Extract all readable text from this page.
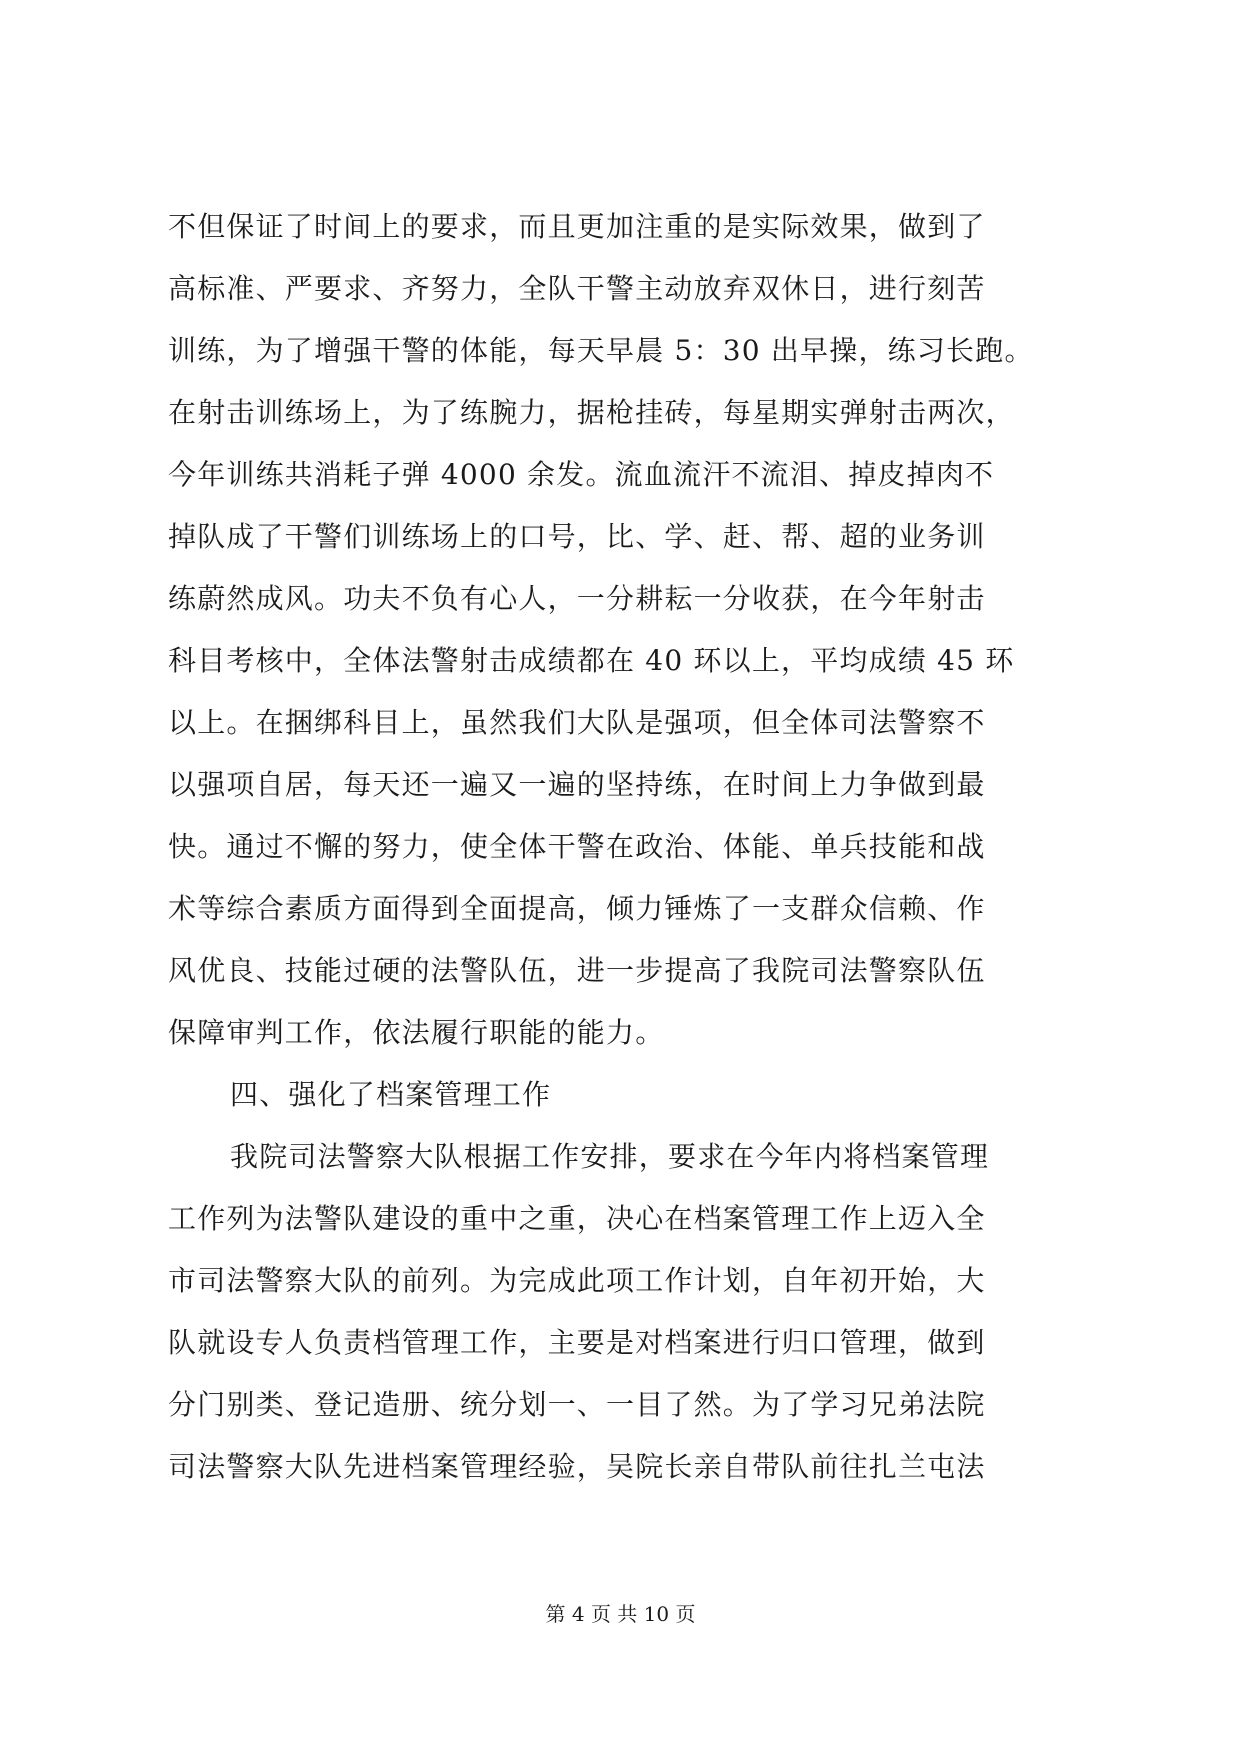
不但保证了时间上的要求，而且更加注重的是实际效果，做到了
高标准、严要求、齐努力，全队干警主动放弃双休日，进行刻苦
训练，为了增强干警的体能，每天早晨 5：30 出早操，练习长跑。
在射击训练场上，为了练腕力，据枪挂砖，每星期实弹射击两次，
今年训练共消耗子弹 4000 余发。流血流汗不流泪、掉皮掉肉不
掉队成了干警们训练场上的口号，比、学、赶、帮、超的业务训
练蔚然成风。功夫不负有心人，一分耕耘一分收获，在今年射击
科目考核中，全体法警射击成绩都在 40 环以上，平均成绩 45 环
以上。在捆绑科目上，虽然我们大队是强项，但全体司法警察不
以强项自居，每天还一遍又一遍的坚持练，在时间上力争做到最
快。通过不懈的努力，使全体干警在政治、体能、单兵技能和战
术等综合素质方面得到全面提高，倾力锤炼了一支群众信赖、作
风优良、技能过硬的法警队伍，进一步提高了我院司法警察队伍
保障审判工作，依法履行职能的能力。
四、强化了档案管理工作
我院司法警察大队根据工作安排，要求在今年内将档案管理
工作列为法警队建设的重中之重，决心在档案管理工作上迈入全
市司法警察大队的前列。为完成此项工作计划，自年初开始，大
队就设专人负责档管理工作，主要是对档案进行归口管理，做到
分门别类、登记造册、统分划一、一目了然。为了学习兄弟法院
司法警察大队先进档案管理经验，吴院长亲自带队前往扎兰屯法
第 4 页 共 10 页
